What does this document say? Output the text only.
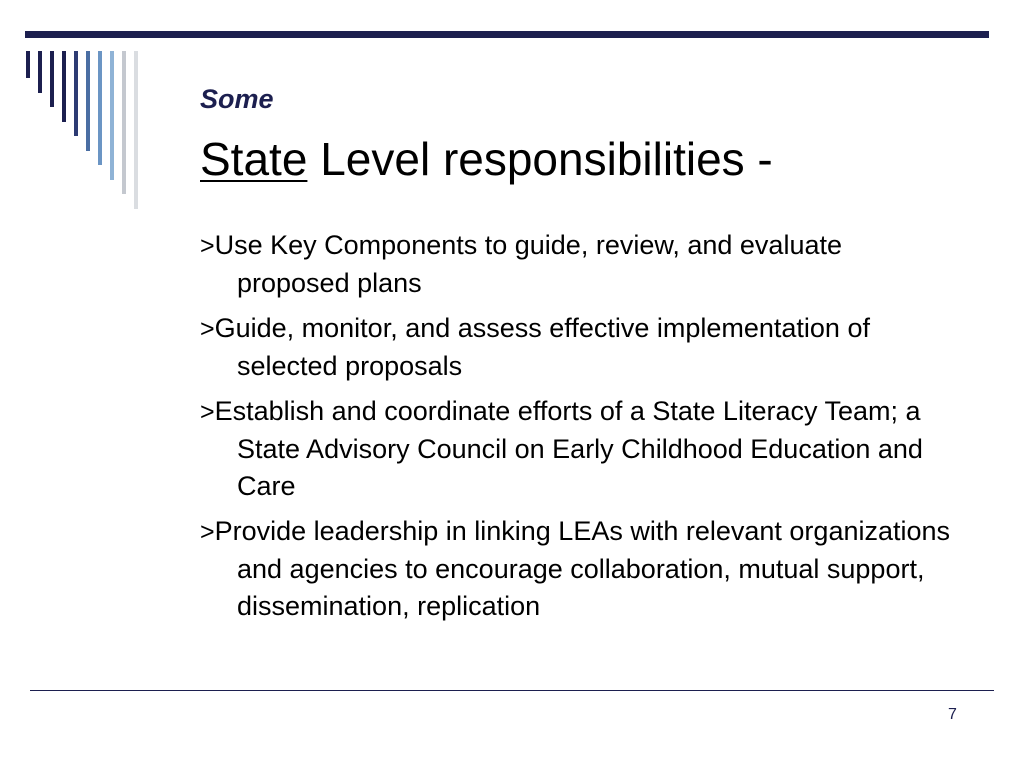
Some
State Level responsibilities -
>Use Key Components to guide, review, and evaluate proposed plans
>Guide, monitor, and assess effective implementation of selected proposals
>Establish and coordinate efforts of a State Literacy Team; a State Advisory Council on Early Childhood Education and Care
>Provide leadership in linking LEAs with relevant organizations and agencies to encourage collaboration, mutual support, dissemination, replication
7
